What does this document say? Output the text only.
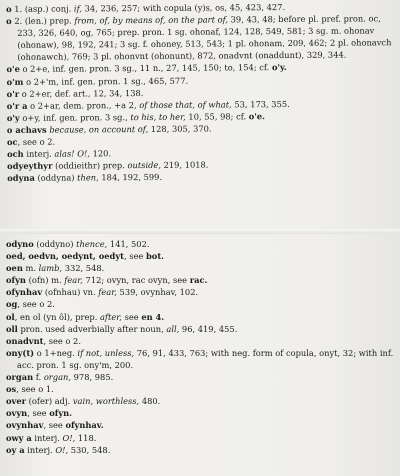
o 1. (asp.) conj. if, 34, 236, 257; with copula (y)s, os, 45, 423, 427.
o 2. (len.) prep. from, of, by means of, on the part of, 39, 43, 48; before pl. pref. pron. oc, 233, 326, 640, og, 765; prep. pron. 1 sg. ohonaf, 124, 128, 549, 581; 3 sg. m. ohonav (ohonaw), 98, 192, 241; 3 sg. f. ohoney, 513, 543; 1 pl. ohonam, 209, 462; 2 pl. ohonavch (ohonawch), 769; 3 pl. ohonvnt (ohonunt), 872, onadvnt (onaddunt), 329, 344.
o'e o 2+e, inf. gen. pron. 3 sg., 11 n., 27, 145, 150; to, 154; cf. o'y.
o'm o 2+'m, inf. gen. pron. 1 sg., 465, 577.
o'r o 2+er, def. art., 12, 34, 138.
o'r a o 2+ar, dem. pron., +a 2, of those that, of what, 53, 173, 355.
o'y o+y, inf. gen. pron. 3 sg., to his, to her, 10, 55, 98; cf. o'e.
o achavs because, on account of, 128, 305, 370.
oc, see o 2.
och interj. alas! O!, 120.
odyeythyr (oddieithr) prep. outside, 219, 1018.
odyna (oddyna) then, 184, 192, 599.
odyno (oddyno) thence, 141, 502.
oed, oedvn, oedynt, oedyt, see bot.
oen m. lamb, 332, 548.
ofyn (ofn) m. fear, 712; ovyn, rac ovyn, see rac.
ofynhav (ofnhau) vn. fear, 539, ovynhav, 102.
og, see o 2.
ol, en ol (yn ôl), prep. after, see en 4.
oll pron. used adverbially after noun, all, 96, 419, 455.
onadvnt, see o 2.
ony(t) o 1+neg. if not, unless, 76, 91, 433, 763; with neg. form of copula, onyt, 32; with inf. acc. pron. 1 sg. ony'm, 200.
organ f. organ, 978, 985.
os, see o 1.
over (ofer) adj. vain, worthless, 480.
ovyn, see ofyn.
ovynhav, see ofynhav.
owy a interj. O!, 118.
oy a interj. O!, 530, 548.
